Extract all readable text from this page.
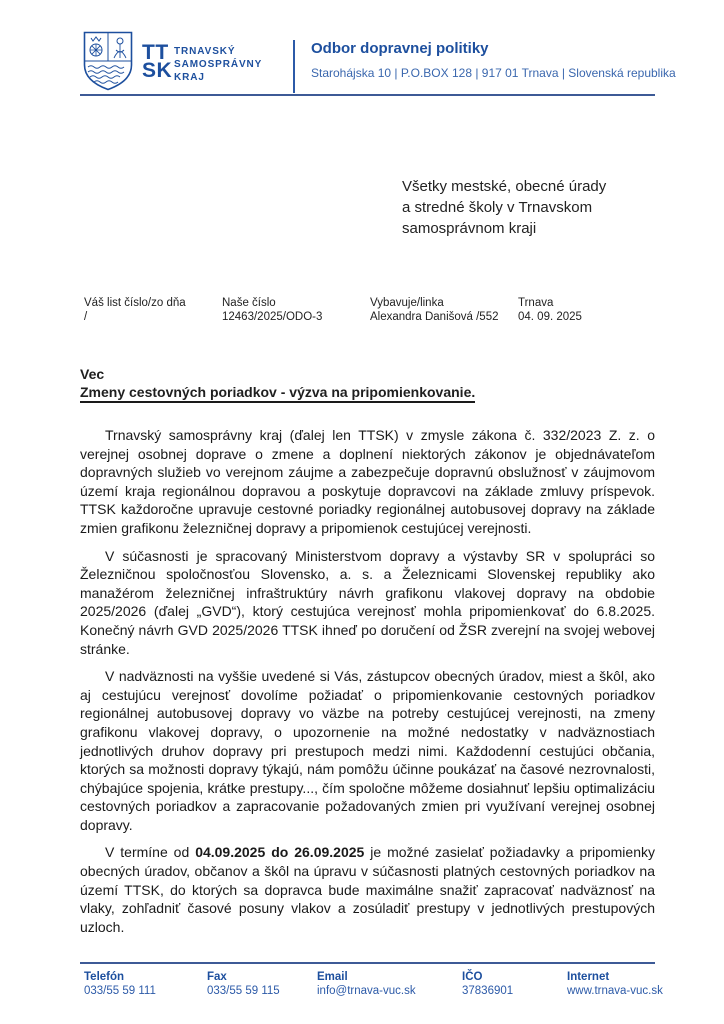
TT
SK
TRNAVSKÝ
SAMOSPRÁVNY
KRAJ
Odbor dopravnej politiky
Starohájska 10 | P.O.BOX 128 | 917 01 Trnava | Slovenská republika
Všetky mestské, obecné úrady
a stredné školy v Trnavskom
samosprávnom kraji
Váš list číslo/zo dňa
/
Naše číslo
12463/2025/ODO-3
Vybavuje/linka
Alexandra Danišová /552
Trnava
04. 09. 2025
Vec
Zmeny cestovných poriadkov - výzva na pripomienkovanie.

Trnavský samosprávny kraj (ďalej len TTSK) v zmysle zákona č. 332/2023 Z. z. o verejnej osobnej doprave o zmene a doplnení niektorých zákonov je objednávateľom dopravných služieb vo verejnom záujme a zabezpečuje dopravnú obslužnosť v záujmovom území kraja regionálnou dopravou a poskytuje dopravcovi na základe zmluvy príspevok. TTSK každoročne upravuje cestovné poriadky regionálnej autobusovej dopravy na základe zmien grafikonu železničnej dopravy a pripomienok cestujúcej verejnosti.

V súčasnosti je spracovaný Ministerstvom dopravy a výstavby SR v spolupráci so Železničnou spoločnosťou Slovensko, a. s. a Železnicami Slovenskej republiky ako manažérom železničnej infraštruktúry návrh grafikonu vlakovej dopravy na obdobie 2025/2026 (ďalej „GVD“), ktorý cestujúca verejnosť mohla pripomienkovať do 6.8.2025. Konečný návrh GVD 2025/2026 TTSK ihneď po doručení od ŽSR zverejní na svojej webovej stránke.

V nadväznosti na vyššie uvedené si Vás, zástupcov obecných úradov, miest a škôl, ako aj cestujúcu verejnosť dovolíme požiadať o pripomienkovanie cestovných poriadkov regionálnej autobusovej dopravy vo väzbe na potreby cestujúcej verejnosti, na zmeny grafikonu vlakovej dopravy, o upozornenie na možné nedostatky v nadväznostiach jednotlivých druhov dopravy pri prestupoch medzi nimi. Každodenní cestujúci občania, ktorých sa možnosti dopravy týkajú, nám pomôžu účinne poukázať na časové nezrovnalosti, chýbajúce spojenia, krátke prestupy..., čím spoločne môžeme dosiahnuť lepšiu optimalizáciu cestovných poriadkov a zapracovanie požadovaných zmien pri využívaní verejnej osobnej dopravy.

V termíne od 04.09.2025 do 26.09.2025 je možné zasielať požiadavky a pripomienky obecných úradov, občanov a škôl na úpravu v súčasnosti platných cestovných poriadkov na území TTSK, do ktorých sa dopravca bude maximálne snažiť zapracovať nadväznosť na vlaky, zohľadniť časové posuny vlakov a zosúladiť prestupy v jednotlivých prestupových uzloch.

Telefón
033/55 59 111
Fax
033/55 59 115
Email
info@trnava-vuc.sk
IČO
37836901
Internet
www.trnava-vuc.sk
